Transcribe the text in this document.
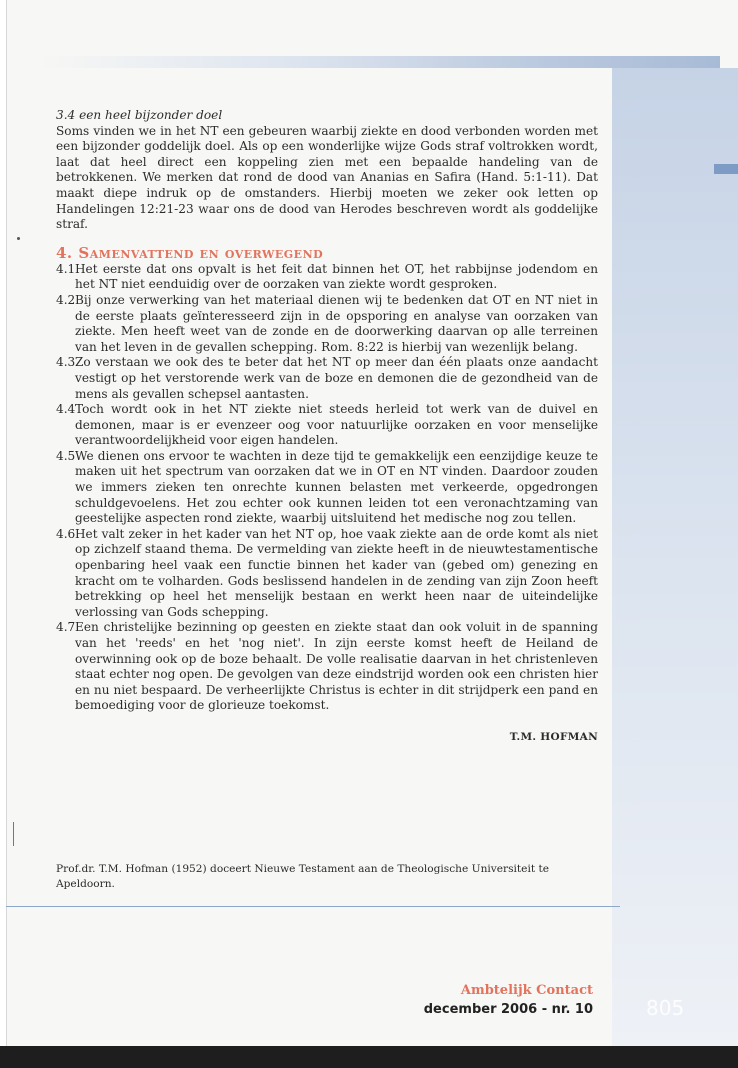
3.4 een heel bijzonder doel

Soms vinden we in het NT een gebeuren waarbij ziekte en dood verbonden worden met een bijzonder goddelijk doel. Als op een wonderlijke wijze Gods straf voltrokken wordt, laat dat heel direct een koppeling zien met een bepaalde handeling van de betrokkenen. We merken dat rond de dood van Ananias en Safira (Hand. 5:1-11). Dat maakt diepe indruk op de omstanders. Hierbij moeten we zeker ook letten op Handelingen 12:21-23 waar ons de dood van Herodes beschreven wordt als goddelijke straf.

4. Samenvattend en overwegend
4.1 Het eerste dat ons opvalt is het feit dat binnen het OT, het rabbijnse jodendom en het NT niet eenduidig over de oorzaken van ziekte wordt gesproken.
4.2 Bij onze verwerking van het materiaal dienen wij te bedenken dat OT en NT niet in de eerste plaats geïnteresseerd zijn in de opsporing en analyse van oorzaken van ziekte. Men heeft weet van de zonde en de doorwerking daarvan op alle terreinen van het leven in de gevallen schepping. Rom. 8:22 is hierbij van wezenlijk belang.
4.3 Zo verstaan we ook des te beter dat het NT op meer dan één plaats onze aandacht vestigt op het verstorende werk van de boze en demonen die de gezondheid van de mens als gevallen schepsel aantasten.
4.4 Toch wordt ook in het NT ziekte niet steeds herleid tot werk van de duivel en demonen, maar is er evenzeer oog voor natuurlijke oorzaken en voor menselijke verantwoordelijkheid voor eigen handelen.
4.5 We dienen ons ervoor te wachten in deze tijd te gemakkelijk een eenzijdige keuze te maken uit het spectrum van oorzaken dat we in OT en NT vinden. Daardoor zouden we immers zieken ten onrechte kunnen belasten met verkeerde, opgedrongen schuldgevoelens. Het zou echter ook kunnen leiden tot een veronachtzaming van geestelijke aspecten rond ziekte, waarbij uitsluitend het medische nog zou tellen.
4.6 Het valt zeker in het kader van het NT op, hoe vaak ziekte aan de orde komt als niet op zichzelf staand thema. De vermelding van ziekte heeft in de nieuwtestamentische openbaring heel vaak een functie binnen het kader van (gebed om) genezing en kracht om te volharden. Gods beslissend handelen in de zending van zijn Zoon heeft betrekking op heel het menselijk bestaan en werkt heen naar de uiteindelijke verlossing van Gods schepping.
4.7 Een christelijke bezinning op geesten en ziekte staat dan ook voluit in de spanning van het 'reeds' en het 'nog niet'. In zijn eerste komst heeft de Heiland de overwinning ook op de boze behaalt. De volle realisatie daarvan in het christenleven staat echter nog open. De gevolgen van deze eindstrijd worden ook een christen hier en nu niet bespaard. De verheerlijkte Christus is echter in dit strijdperk een pand en bemoediging voor de glorieuze toekomst.

T.M. HOFMAN

Prof.dr. T.M. Hofman (1952) doceert Nieuwe Testament aan de Theologische Universiteit te Apeldoorn.

Ambtelijk Contact

december 2006 - nr. 10	805
